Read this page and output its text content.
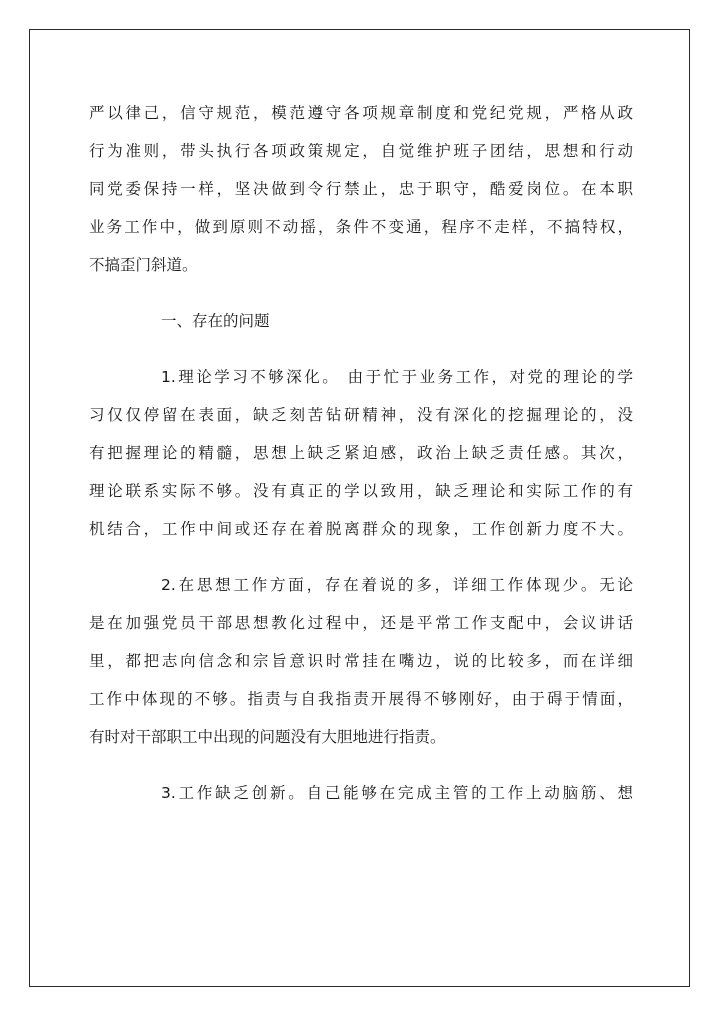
严以律己，信守规范，模范遵守各项规章制度和党纪党规，严格从政
行为准则，带头执行各项政策规定，自觉维护班子团结，思想和行动
同党委保持一样，坚决做到令行禁止，忠于职守，酷爱岗位。在本职
业务工作中，做到原则不动摇，条件不变通，程序不走样，不搞特权，
不搞歪门斜道。
一、存在的问题
1.理论学习不够深化。 由于忙于业务工作，对党的理论的学
习仅仅停留在表面，缺乏刻苦钻研精神，没有深化的挖掘理论的，没
有把握理论的精髓，思想上缺乏紧迫感，政治上缺乏责任感。其次，
理论联系实际不够。没有真正的学以致用，缺乏理论和实际工作的有
机结合，工作中间或还存在着脱离群众的现象，工作创新力度不大。
2.在思想工作方面，存在着说的多，详细工作体现少。无论
是在加强党员干部思想教化过程中，还是平常工作支配中，会议讲话
里，都把志向信念和宗旨意识时常挂在嘴边，说的比较多，而在详细
工作中体现的不够。指责与自我指责开展得不够刚好，由于碍于情面，
有时对干部职工中出现的问题没有大胆地进行指责。
3.工作缺乏创新。自己能够在完成主管的工作上动脑筋、想
